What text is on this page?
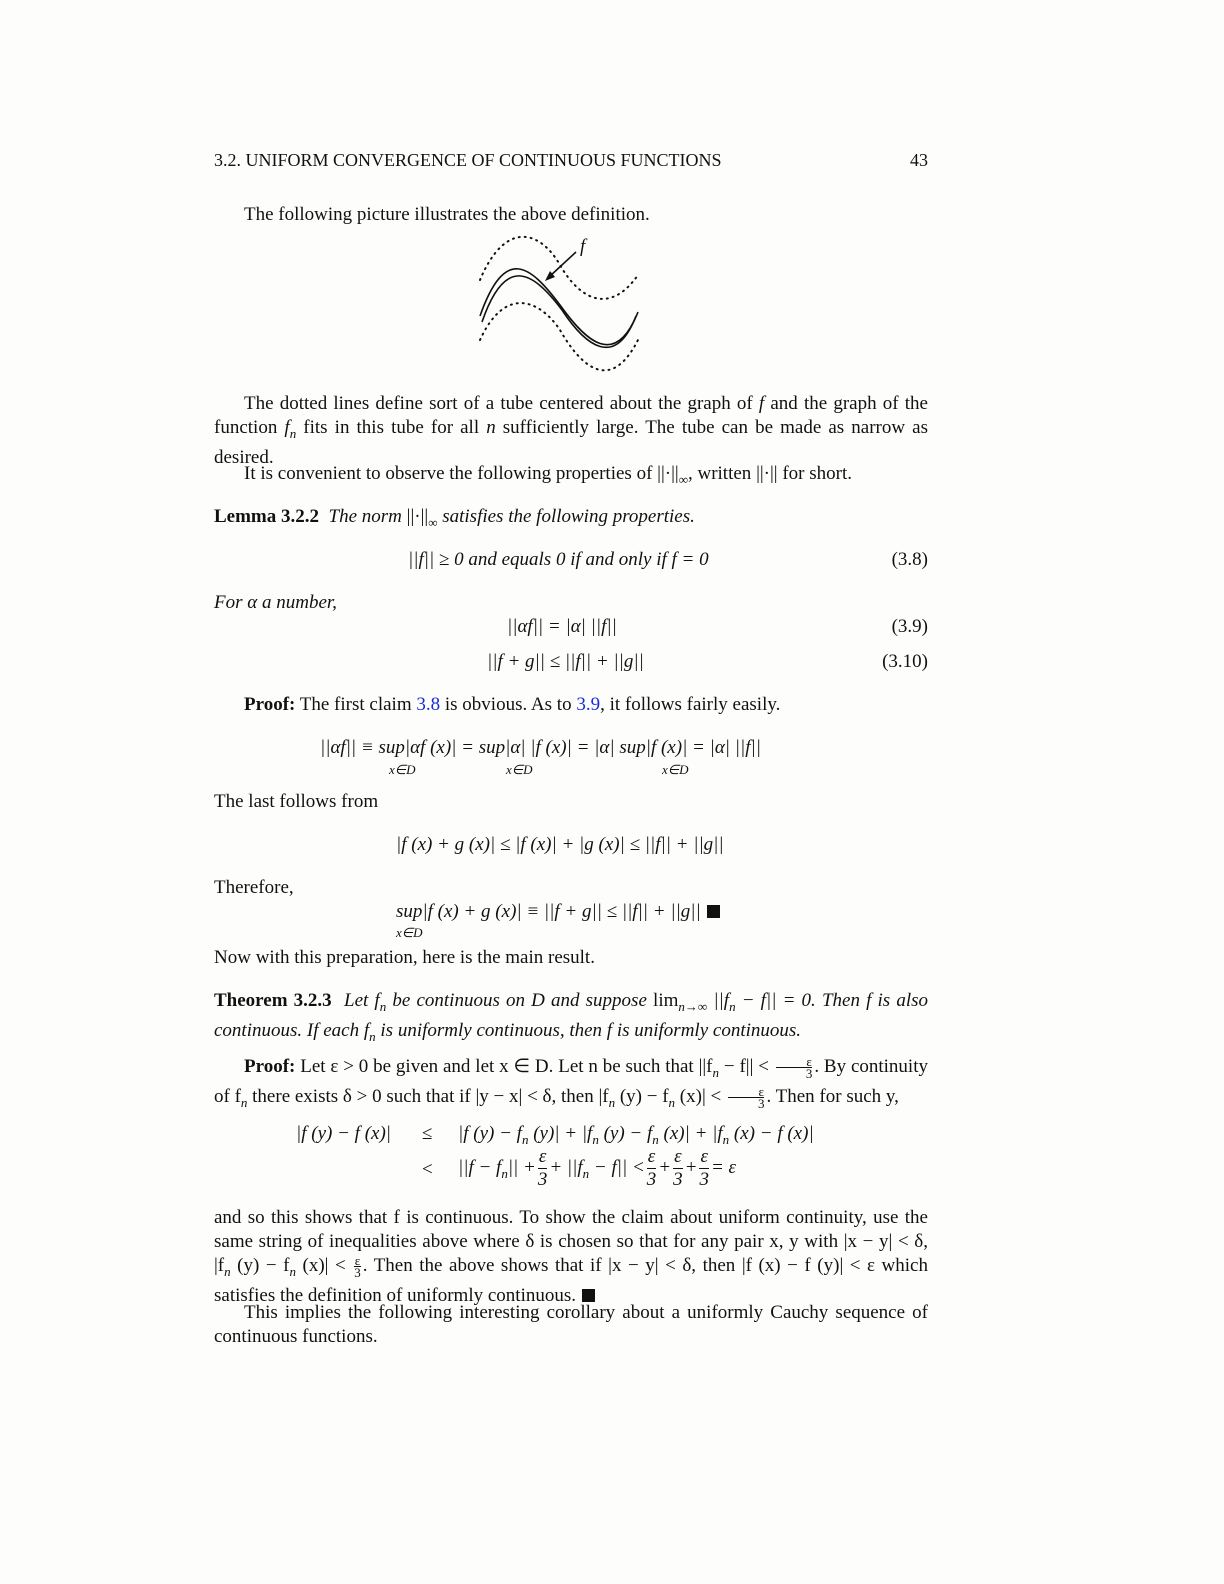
3.2. UNIFORM CONVERGENCE OF CONTINUOUS FUNCTIONS	43
The following picture illustrates the above definition.
f
The dotted lines define sort of a tube centered about the graph of f and the graph of the function $f_n$ fits in this tube for all n sufficiently large. The tube can be made as narrow as desired.
It is convenient to observe the following properties of $||\cdot||_\infty$, written ||·|| for short.
Lemma 3.2.2 The norm $||\cdot||_\infty$ satisfies the following properties.
||f|| ≥ 0 and equals 0 if and only if f = 0	(3.8)
For α a number,
||αf|| = |α| ||f||	(3.9)
||f + g|| ≤ ||f|| + ||g||	(3.10)
Proof: The first claim 3.8 is obvious. As to 3.9, it follows fairly easily.
||αf|| ≡ sup|αf (x)| = sup|α| |f (x)| = |α| sup|f (x)| = |α| ||f||
x∈D	x∈D	x∈D
The last follows from
|f (x) + g (x)| ≤ |f (x)| + |g (x)| ≤ ||f|| + ||g||
Therefore,
sup|f (x) + g (x)| ≡ ||f + g|| ≤ ||f|| + ||g||
x∈D
Now with this preparation, here is the main result.
Theorem 3.2.3 Let $f_n$ be continuous on D and suppose $\lim_{n\to\infty} ||f_n - f|| = 0$. Then f is also continuous. If each $f_n$ is uniformly continuous, then f is uniformly continuous.
Proof: Let ε > 0 be given and let x ∈ D. Let n be such that $||f_n - f|| < \frac{\varepsilon}{3}$ . By continuity of $f_n$ there exists δ > 0 such that if |y − x| < δ, then $|f_n$ $(y) - f_n$ $(x)| < \frac{\varepsilon}{3}$ . Then for such y,
|f (y) − f (x)| ≤ |f $(y) - f_n$ $(y)| + |f_n$ $(y) - f_n$ $(x)| + |f_n$ (x) − f (x)|
< $||f - f_n|| + \frac{\varepsilon}{3} + ||f_n - f|| < \frac{\varepsilon}{3} + \frac{\varepsilon}{3} + \frac{\varepsilon}{3} = \varepsilon$
and so this shows that f is continuous. To show the claim about uniform continuity, use the same string of inequalities above where δ is chosen so that for any pair x, y with |x − y| < δ, $|f_n$ $(y) - f_n$ $(x)| < \frac{\varepsilon}{3}$ . Then the above shows that if |x − y| < δ, then |f (x) − f (y)| < ε which satisfies the definition of uniformly continuous.
This implies the following interesting corollary about a uniformly Cauchy sequence of continuous functions.
